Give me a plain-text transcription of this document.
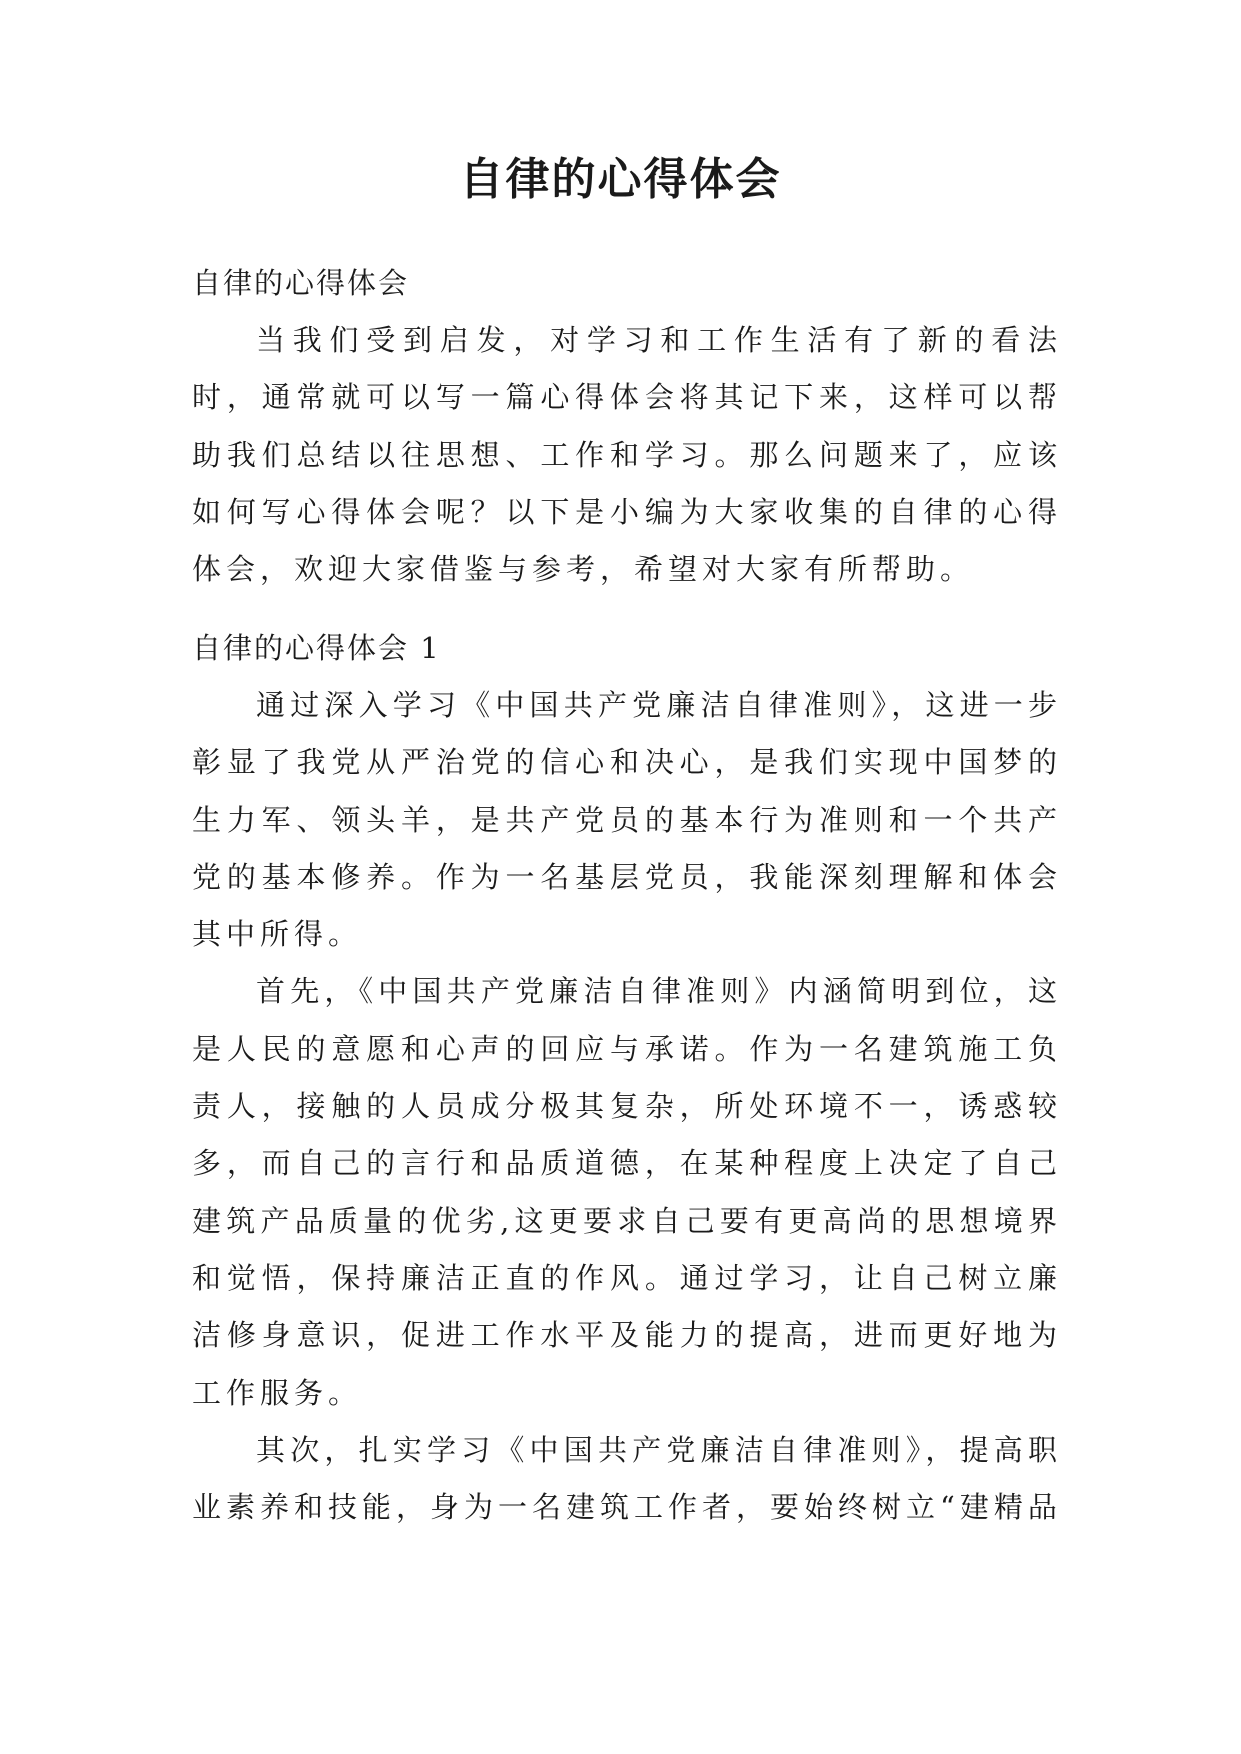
自律的心得体会

自律的心得体会

当我们受到启发，对学习和工作生活有了新的看法时，通常就可以写一篇心得体会将其记下来，这样可以帮助我们总结以往思想、工作和学习。那么问题来了，应该如何写心得体会呢？以下是小编为大家收集的自律的心得体会，欢迎大家借鉴与参考，希望对大家有所帮助。

自律的心得体会 1

通过深入学习《中国共产党廉洁自律准则》，这进一步彰显了我党从严治党的信心和决心，是我们实现中国梦的生力军、领头羊，是共产党员的基本行为准则和一个共产党的基本修养。作为一名基层党员，我能深刻理解和体会其中所得。

首先，《中国共产党廉洁自律准则》内涵简明到位，这是人民的意愿和心声的回应与承诺。作为一名建筑施工负责人，接触的人员成分极其复杂，所处环境不一，诱惑较多，而自己的言行和品质道德，在某种程度上决定了自己建筑产品质量的优劣,这更要求自己要有更高尚的思想境界和觉悟，保持廉洁正直的作风。通过学习，让自己树立廉洁修身意识，促进工作水平及能力的提高，进而更好地为工作服务。

其次，扎实学习《中国共产党廉洁自律准则》，提高职业素养和技能，身为一名建筑工作者，要始终树立“建精品
